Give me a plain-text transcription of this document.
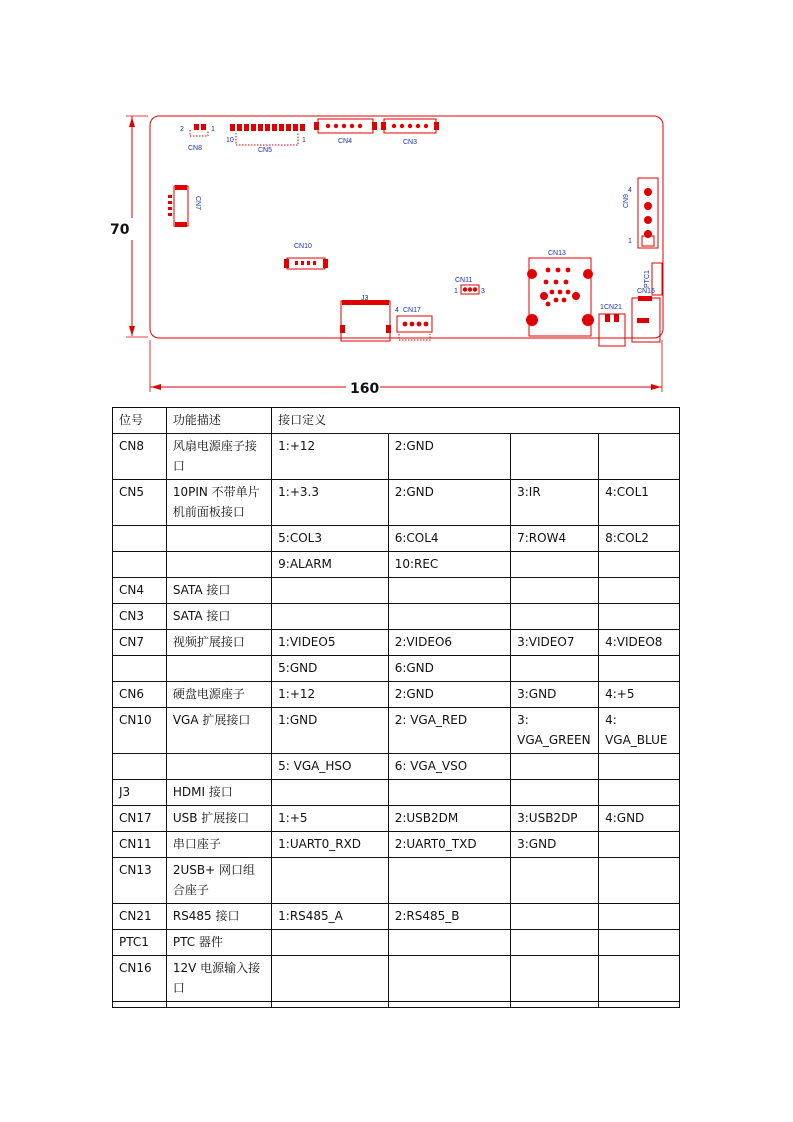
70
160
2	1
CN8
10	1
CN5
CN4	CN3
CN7	CN9
4
1
CN10
CN13
CN11
1	3
J3
4 CN17	1 CN21
PTC1
CN16
位号	功能描述	接口定义			
CN8	风扇电源座子接口	1:+12	2:GND		
CN5	10PIN 不带单片机前面板接口	1:+3.3	2:GND	3:IR	4:COL1
		5:COL3	6:COL4	7:ROW4	8:COL2
		9:ALARM	10:REC		
CN4	SATA 接口				
CN3	SATA 接口				
CN7	视频扩展接口	1:VIDEO5	2:VIDEO6	3:VIDEO7	4:VIDEO8
		5:GND	6:GND		
CN6	硬盘电源座子	1:+12	2:GND	3:GND	4:+5
CN10	VGA 扩展接口	1:GND	2: VGA_RED	3: VGA_GREEN	4: VGA_BLUE
		5: VGA_HSO	6: VGA_VSO		
J3	HDMI 接口				
CN17	USB 扩展接口	1:+5	2:USB2DM	3:USB2DP	4:GND
CN11	串口座子	1:UART0_RXD	2:UART0_TXD	3:GND	
CN13	2USB+ 网口组合座子				
CN21	RS485 接口	1:RS485_A	2:RS485_B		
PTC1	PTC 器件				
CN16	12V 电源输入接口				
